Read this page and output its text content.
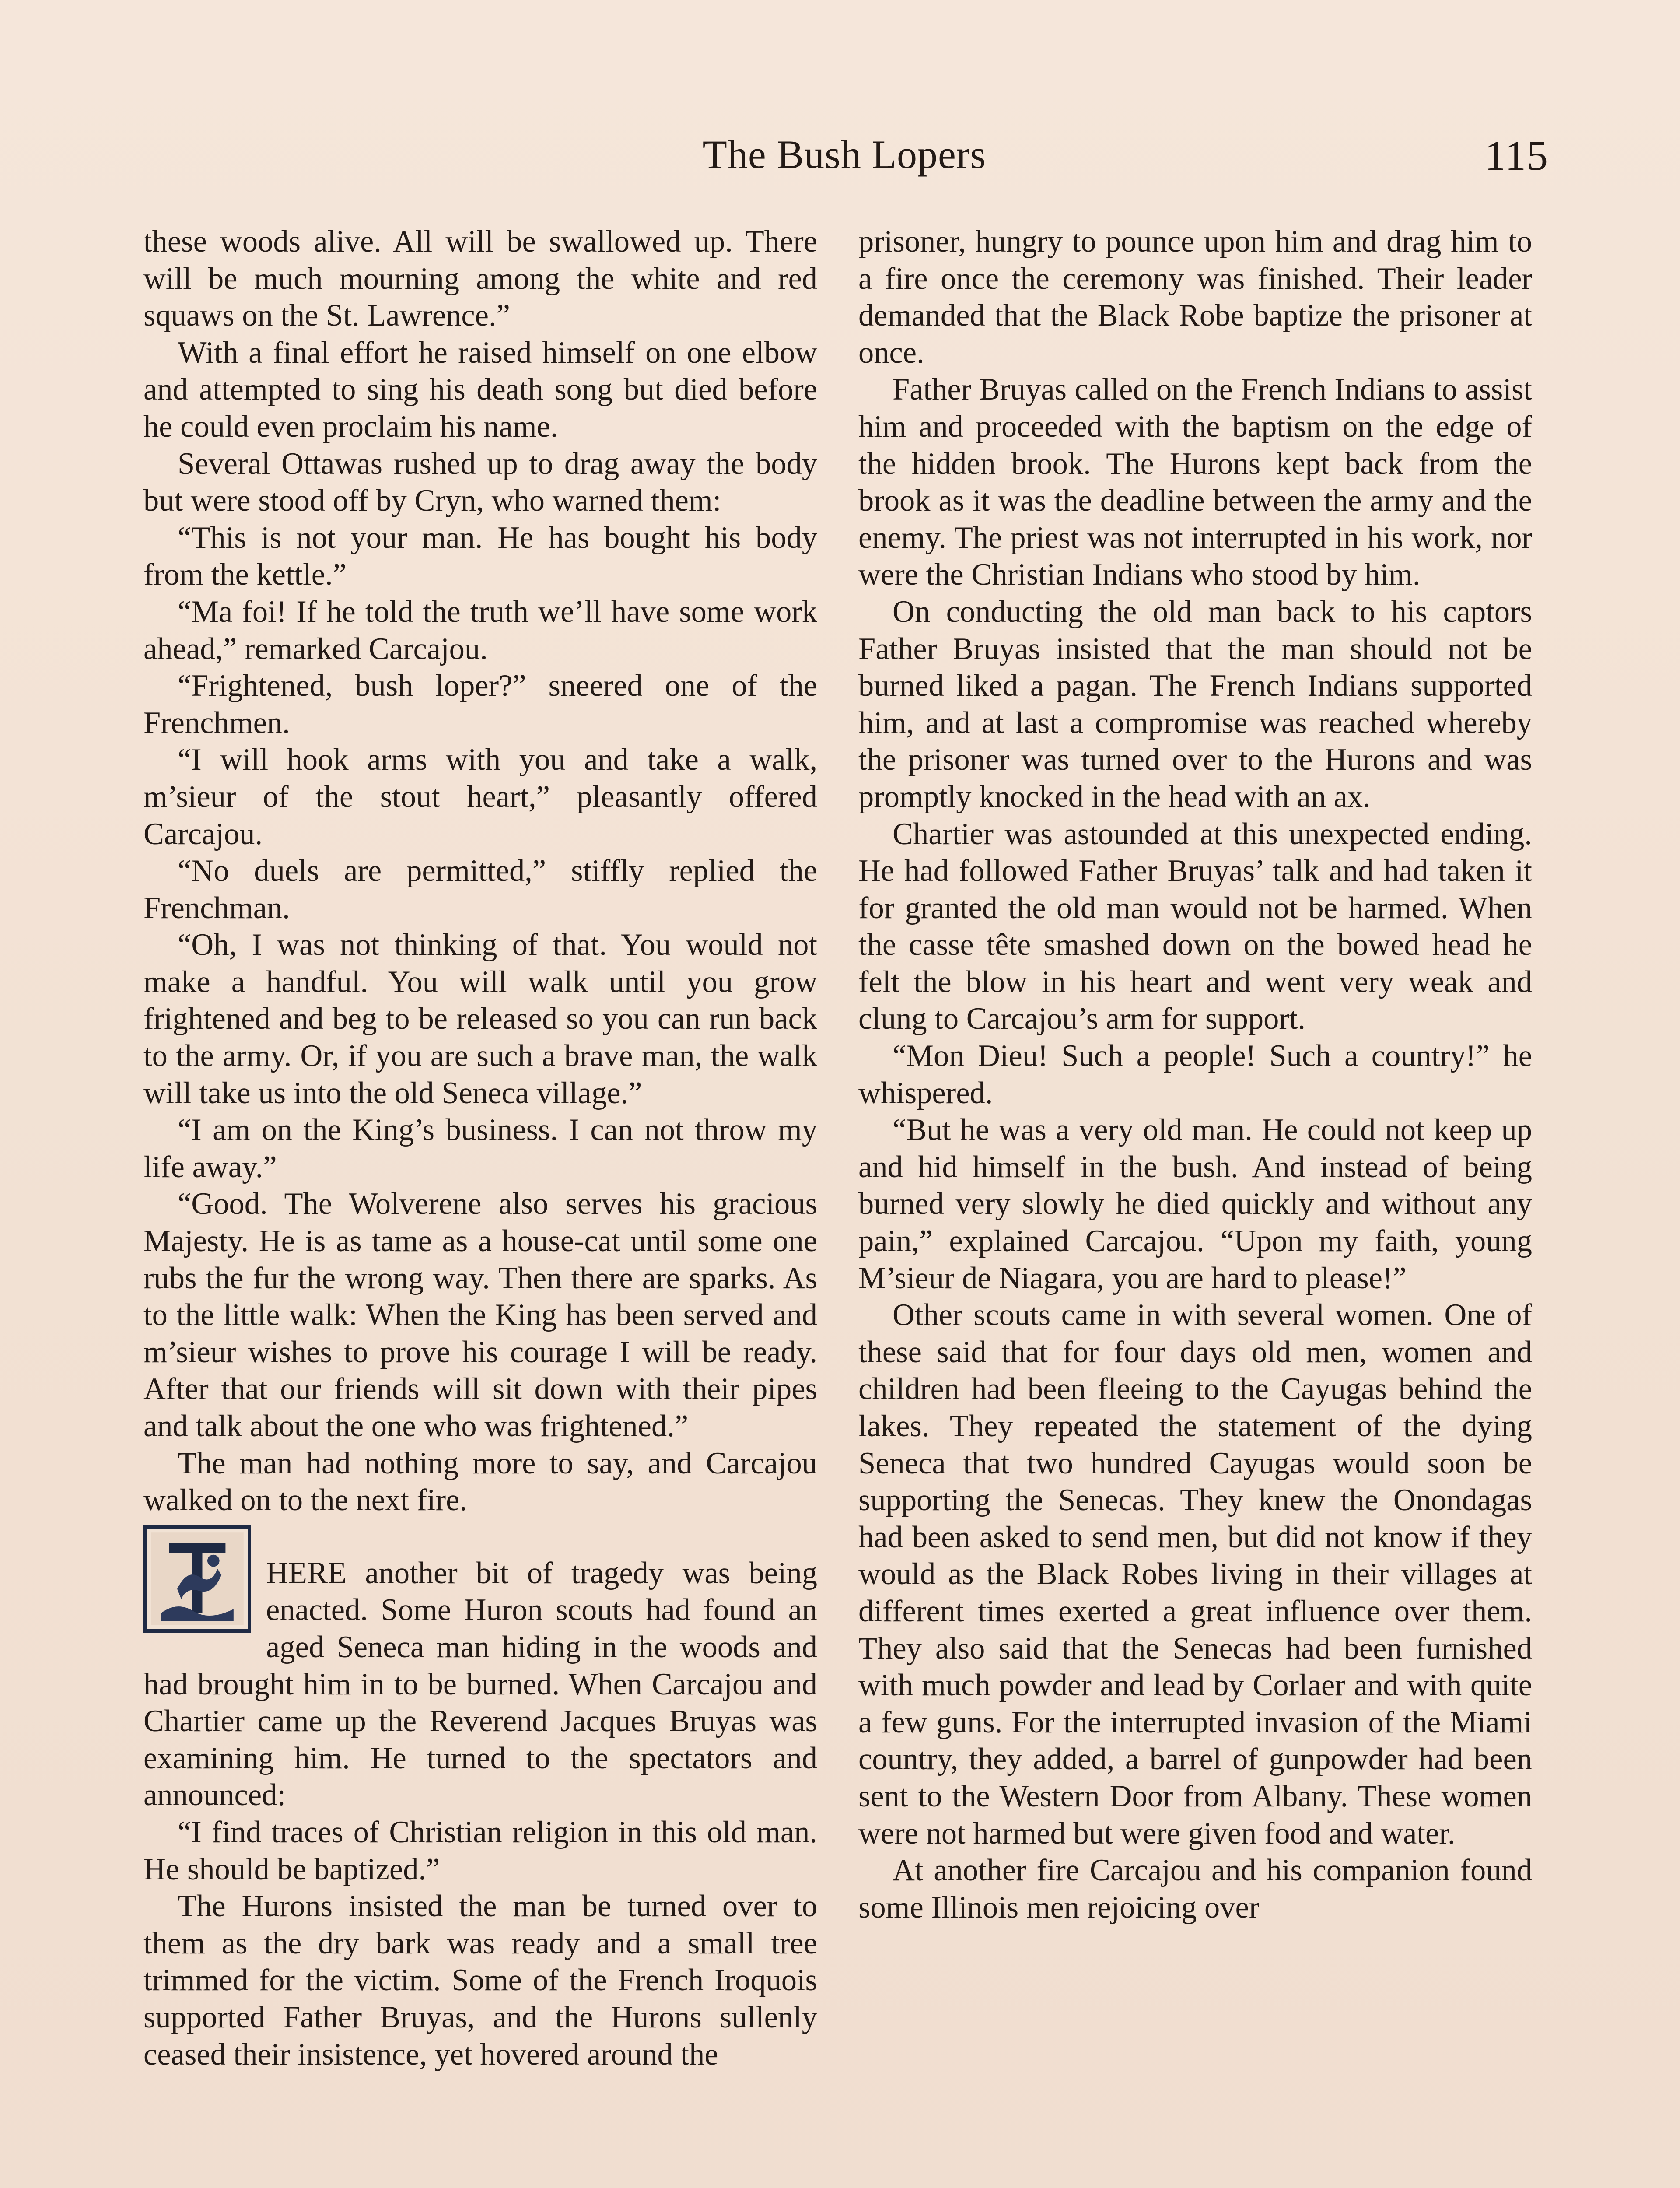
The Bush Lopers	115

these woods alive. All will be swallowed up. There will be much mourning among the white and red squaws on the St. Lawrence.”

With a final effort he raised himself on one elbow and attempted to sing his death song but died before he could even proclaim his name.

Several Ottawas rushed up to drag away the body but were stood off by Cryn, who warned them:

“This is not your man. He has bought his body from the kettle.”

“Ma foi! If he told the truth we’ll have some work ahead,” remarked Carcajou.

“Frightened, bush loper?” sneered one of the Frenchmen.

“I will hook arms with you and take a walk, m’sieur of the stout heart,” pleasantly offered Carcajou.

“No duels are permitted,” stiffly replied the Frenchman.

“Oh, I was not thinking of that. You would not make a handful. You will walk until you grow frightened and beg to be released so you can run back to the army. Or, if you are such a brave man, the walk will take us into the old Seneca village.”

“I am on the King’s business. I can not throw my life away.”

“Good. The Wolverene also serves his gracious Majesty. He is as tame as a house-cat until some one rubs the fur the wrong way. Then there are sparks. As to the little walk: When the King has been served and m’sieur wishes to prove his courage I will be ready. After that our friends will sit down with their pipes and talk about the one who was frightened.”

The man had nothing more to say, and Carcajou walked on to the next fire.

HERE another bit of tragedy was being enacted. Some Huron scouts had found an aged Seneca man hiding in the woods and had brought him in to be burned. When Carcajou and Chartier came up the Reverend Jacques Bruyas was examining him. He turned to the spectators and announced:

“I find traces of Christian religion in this old man. He should be baptized.”

The Hurons insisted the man be turned over to them as the dry bark was ready and a small tree trimmed for the victim. Some of the French Iroquois supported Father Bruyas, and the Hurons sullenly ceased their insistence, yet hovered around the

prisoner, hungry to pounce upon him and drag him to a fire once the ceremony was finished. Their leader demanded that the Black Robe baptize the prisoner at once.

Father Bruyas called on the French Indians to assist him and proceeded with the baptism on the edge of the hidden brook. The Hurons kept back from the brook as it was the deadline between the army and the enemy. The priest was not interrupted in his work, nor were the Christian Indians who stood by him.

On conducting the old man back to his captors Father Bruyas insisted that the man should not be burned liked a pagan. The French Indians supported him, and at last a compromise was reached whereby the prisoner was turned over to the Hurons and was promptly knocked in the head with an ax.

Chartier was astounded at this unexpected ending. He had followed Father Bruyas’ talk and had taken it for granted the old man would not be harmed. When the casse tête smashed down on the bowed head he felt the blow in his heart and went very weak and clung to Carcajou’s arm for support.

“Mon Dieu! Such a people! Such a country!” he whispered.

“But he was a very old man. He could not keep up and hid himself in the bush. And instead of being burned very slowly he died quickly and without any pain,” explained Carcajou. “Upon my faith, young M’sieur de Niagara, you are hard to please!”

Other scouts came in with several women. One of these said that for four days old men, women and children had been fleeing to the Cayugas behind the lakes. They repeated the statement of the dying Seneca that two hundred Cayugas would soon be supporting the Senecas. They knew the Onondagas had been asked to send men, but did not know if they would as the Black Robes living in their villages at different times exerted a great influence over them. They also said that the Senecas had been furnished with much powder and lead by Corlaer and with quite a few guns. For the interrupted invasion of the Miami country, they added, a barrel of gunpowder had been sent to the Western Door from Albany. These women were not harmed but were given food and water.

At another fire Carcajou and his companion found some Illinois men rejoicing over
